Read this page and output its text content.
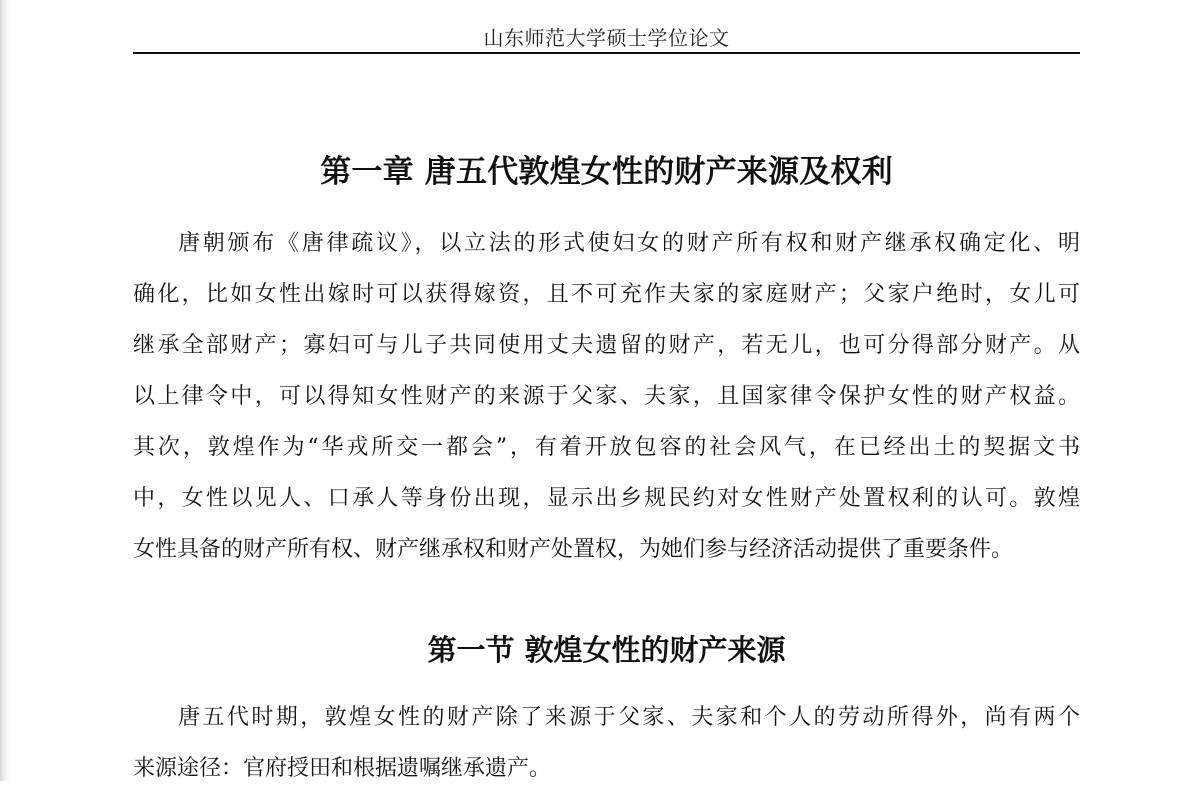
山东师范大学硕士学位论文
第一章 唐五代敦煌女性的财产来源及权利
唐朝颁布《唐律疏议》，以立法的形式使妇女的财产所有权和财产继承权确定化、明
确化，比如女性出嫁时可以获得嫁资，且不可充作夫家的家庭财产；父家户绝时，女儿可
继承全部财产；寡妇可与儿子共同使用丈夫遗留的财产，若无儿，也可分得部分财产。从
以上律令中，可以得知女性财产的来源于父家、夫家，且国家律令保护女性的财产权益。
其次，敦煌作为“华戎所交一都会”，有着开放包容的社会风气，在已经出土的契据文书
中，女性以见人、口承人等身份出现，显示出乡规民约对女性财产处置权利的认可。敦煌
女性具备的财产所有权、财产继承权和财产处置权，为她们参与经济活动提供了重要条件。
第一节 敦煌女性的财产来源
唐五代时期，敦煌女性的财产除了来源于父家、夫家和个人的劳动所得外，尚有两个
来源途径：官府授田和根据遗嘱继承遗产。
